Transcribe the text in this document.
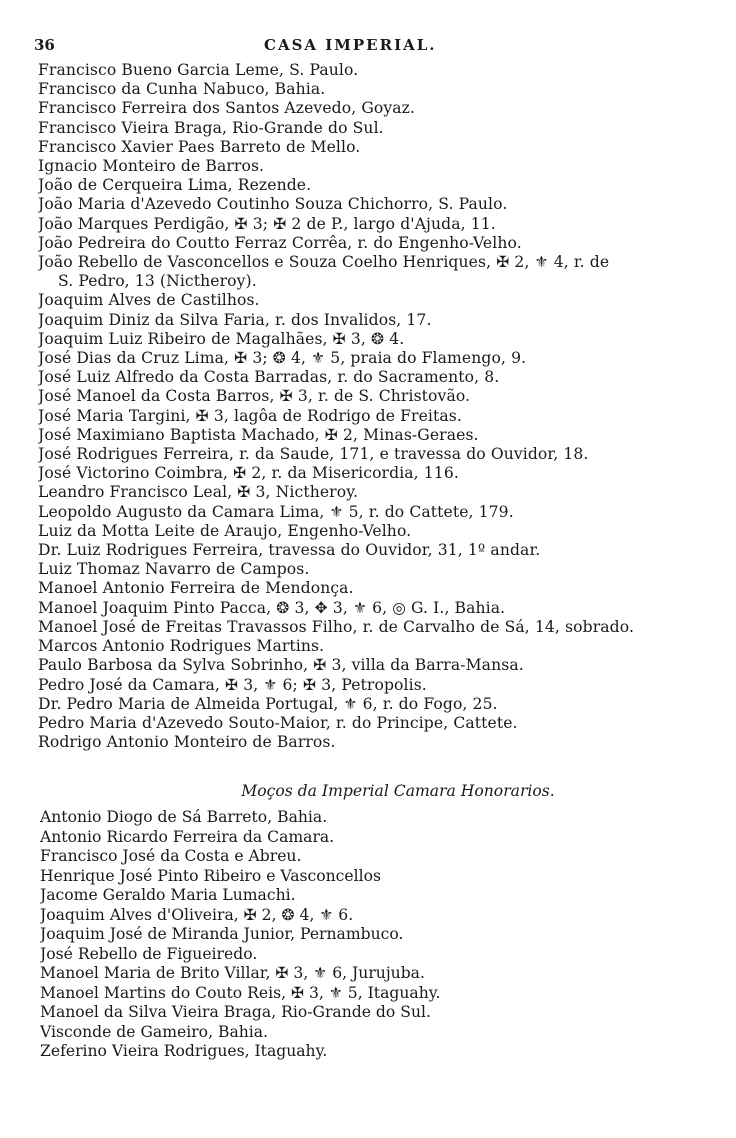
36	CASA IMPERIAL.
Francisco Bueno Garcia Leme, S. Paulo.
Francisco da Cunha Nabuco, Bahia.
Francisco Ferreira dos Santos Azevedo, Goyaz.
Francisco Vieira Braga, Rio-Grande do Sul.
Francisco Xavier Paes Barreto de Mello.
Ignacio Monteiro de Barros.
João de Cerqueira Lima, Rezende.
João Maria d'Azevedo Coutinho Souza Chichorro, S. Paulo.
João Marques Perdigão, ✠ 3; ✠ 2 de P., largo d'Ajuda, 11.
João Pedreira do Coutto Ferraz Corrêa, r. do Engenho-Velho.
João Rebello de Vasconcellos e Souza Coelho Henriques, ✠ 2, ⚜ 4, r. de
S. Pedro, 13 (Nictheroy).
Joaquim Alves de Castilhos.
Joaquim Diniz da Silva Faria, r. dos Invalidos, 17.
Joaquim Luiz Ribeiro de Magalhães, ✠ 3, ❂ 4.
José Dias da Cruz Lima, ✠ 3; ❂ 4, ⚜ 5, praia do Flamengo, 9.
José Luiz Alfredo da Costa Barradas, r. do Sacramento, 8.
José Manoel da Costa Barros, ✠ 3, r. de S. Christovão.
José Maria Targini, ✠ 3, lagôa de Rodrigo de Freitas.
José Maximiano Baptista Machado, ✠ 2, Minas-Geraes.
José Rodrigues Ferreira, r. da Saude, 171, e travessa do Ouvidor, 18.
José Victorino Coimbra, ✠ 2, r. da Misericordia, 116.
Leandro Francisco Leal, ✠ 3, Nictheroy.
Leopoldo Augusto da Camara Lima, ⚜ 5, r. do Cattete, 179.
Luiz da Motta Leite de Araujo, Engenho-Velho.
Dr. Luiz Rodrigues Ferreira, travessa do Ouvidor, 31, 1º andar.
Luiz Thomaz Navarro de Campos.
Manoel Antonio Ferreira de Mendonça.
Manoel Joaquim Pinto Pacca, ❂ 3, ✥ 3, ⚜ 6, ◎ G. I., Bahia.
Manoel José de Freitas Travassos Filho, r. de Carvalho de Sá, 14, sobrado.
Marcos Antonio Rodrigues Martins.
Paulo Barbosa da Sylva Sobrinho, ✠ 3, villa da Barra-Mansa.
Pedro José da Camara, ✠ 3, ⚜ 6; ✠ 3, Petropolis.
Dr. Pedro Maria de Almeida Portugal, ⚜ 6, r. do Fogo, 25.
Pedro Maria d'Azevedo Souto-Maior, r. do Principe, Cattete.
Rodrigo Antonio Monteiro de Barros.
Moços da Imperial Camara Honorarios.
Antonio Diogo de Sá Barreto, Bahia.
Antonio Ricardo Ferreira da Camara.
Francisco José da Costa e Abreu.
Henrique José Pinto Ribeiro e Vasconcellos
Jacome Geraldo Maria Lumachi.
Joaquim Alves d'Oliveira, ✠ 2, ❂ 4, ⚜ 6.
Joaquim José de Miranda Junior, Pernambuco.
José Rebello de Figueiredo.
Manoel Maria de Brito Villar, ✠ 3, ⚜ 6, Jurujuba.
Manoel Martins do Couto Reis, ✠ 3, ⚜ 5, Itaguahy.
Manoel da Silva Vieira Braga, Rio-Grande do Sul.
Visconde de Gameiro, Bahia.
Zeferino Vieira Rodrigues, Itaguahy.
